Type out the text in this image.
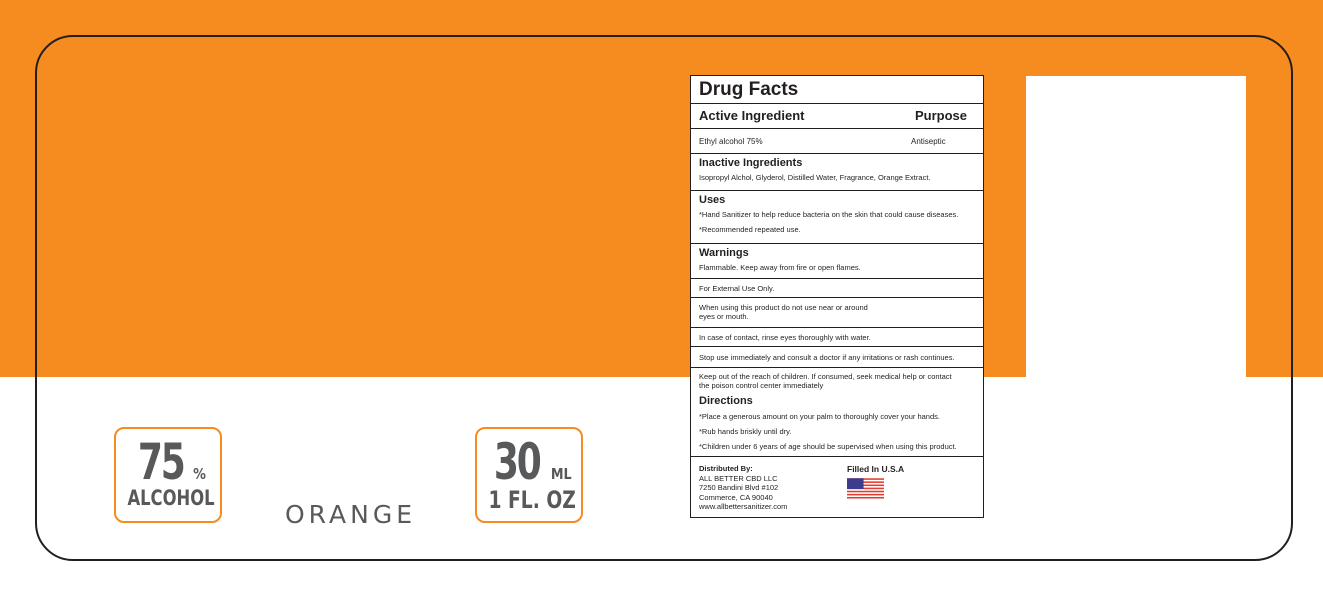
75 %
ALCOHOL
ORANGE
30 ML
1 FL. OZ
Drug Facts
Active Ingredient	Purpose
Ethyl alcohol 75%	Antiseptic
Inactive Ingredients
Isopropyl Alchol, Glyderol, Distilled Water, Fragrance, Orange Extract.
Uses
*Hand Sanitizer to help reduce bacteria on the skin that could cause diseases.
*Recommended repeated use.
Warnings
Flammable. Keep away from fire or open flames.
For External Use Only.
When using this product do not use near or around
eyes or mouth.
In case of contact, rinse eyes thoroughly with water.
Stop use immediately and consult a doctor if any irritations or rash continues.
Keep out of the reach of children. If consumed, seek medical help or contact
the poison control center immediately
Directions
*Place a generous amount on your palm to thoroughly cover your hands.
*Rub hands briskly until dry.
*Children under 6 years of age should be supervised when using this product.
Distributed By:
ALL BETTER CBD LLC
7250 Bandini Blvd #102
Commerce, CA 90040
www.allbettersanitizer.com
Filled In U.S.A
